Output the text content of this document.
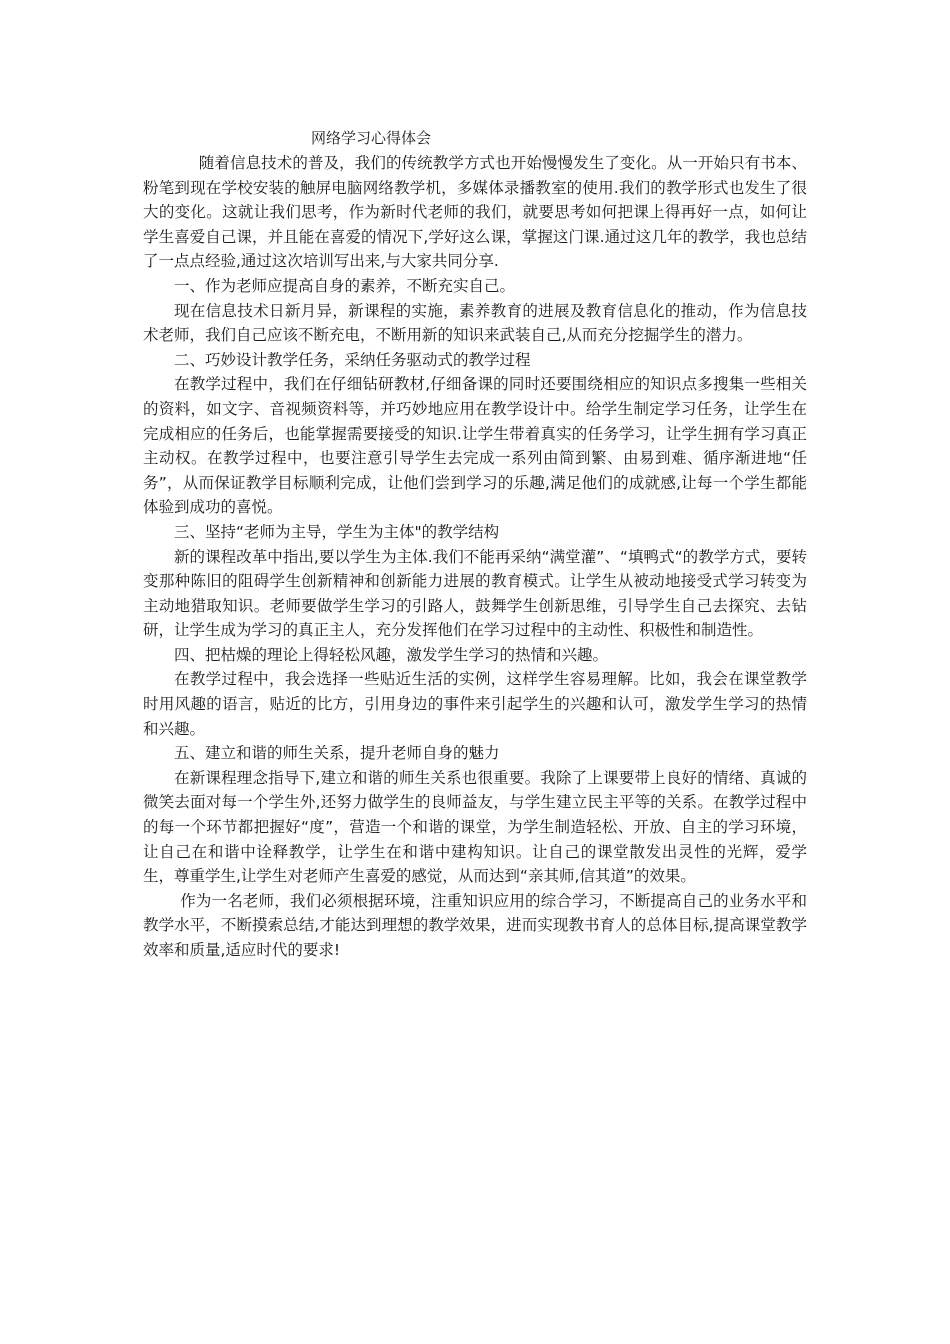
网络学习心得体会

随着信息技术的普及，我们的传统教学方式也开始慢慢发生了变化。从一开始只有书本、粉笔到现在学校安装的触屏电脑网络教学机，多媒体录播教室的使用.我们的教学形式也发生了很大的变化。这就让我们思考，作为新时代老师的我们，就要思考如何把课上得再好一点，如何让学生喜爱自己课，并且能在喜爱的情况下,学好这么课，掌握这门课.通过这几年的教学，我也总结了一点点经验,通过这次培训写出来,与大家共同分享.

一、作为老师应提高自身的素养，不断充实自己。

现在信息技术日新月异，新课程的实施，素养教育的进展及教育信息化的推动，作为信息技术老师，我们自己应该不断充电，不断用新的知识来武装自己,从而充分挖掘学生的潜力。

二、巧妙设计教学任务，采纳任务驱动式的教学过程

在教学过程中，我们在仔细钻研教材,仔细备课的同时还要围绕相应的知识点多搜集一些相关的资料，如文字、音视频资料等，并巧妙地应用在教学设计中。给学生制定学习任务，让学生在完成相应的任务后，也能掌握需要接受的知识.让学生带着真实的任务学习，让学生拥有学习真正主动权。在教学过程中，也要注意引导学生去完成一系列由简到繁、由易到难、循序渐进地“任务”，从而保证教学目标顺利完成，让他们尝到学习的乐趣,满足他们的成就感,让每一个学生都能体验到成功的喜悦。

三、坚持“老师为主导，学生为主体"的教学结构

新的课程改革中指出,要以学生为主体.我们不能再采纳“满堂灌”、“填鸭式“的教学方式，要转变那种陈旧的阻碍学生创新精神和创新能力进展的教育模式。让学生从被动地接受式学习转变为主动地猎取知识。老师要做学生学习的引路人，鼓舞学生创新思维，引导学生自己去探究、去钻研，让学生成为学习的真正主人，充分发挥他们在学习过程中的主动性、积极性和制造性。

四、把枯燥的理论上得轻松风趣，激发学生学习的热情和兴趣。

在教学过程中，我会选择一些贴近生活的实例，这样学生容易理解。比如，我会在课堂教学时用风趣的语言，贴近的比方，引用身边的事件来引起学生的兴趣和认可，激发学生学习的热情和兴趣。

五、建立和谐的师生关系，提升老师自身的魅力

在新课程理念指导下,建立和谐的师生关系也很重要。我除了上课要带上良好的情绪、真诚的微笑去面对每一个学生外,还努力做学生的良师益友，与学生建立民主平等的关系。在教学过程中的每一个环节都把握好“度”，营造一个和谐的课堂，为学生制造轻松、开放、自主的学习环境，让自己在和谐中诠释教学，让学生在和谐中建构知识。让自己的课堂散发出灵性的光辉，爱学生，尊重学生,让学生对老师产生喜爱的感觉，从而达到“亲其师,信其道”的效果。

作为一名老师，我们必须根据环境，注重知识应用的综合学习，不断提高自己的业务水平和教学水平，不断摸索总结,才能达到理想的教学效果，进而实现教书育人的总体目标,提高课堂教学效率和质量,适应时代的要求!
